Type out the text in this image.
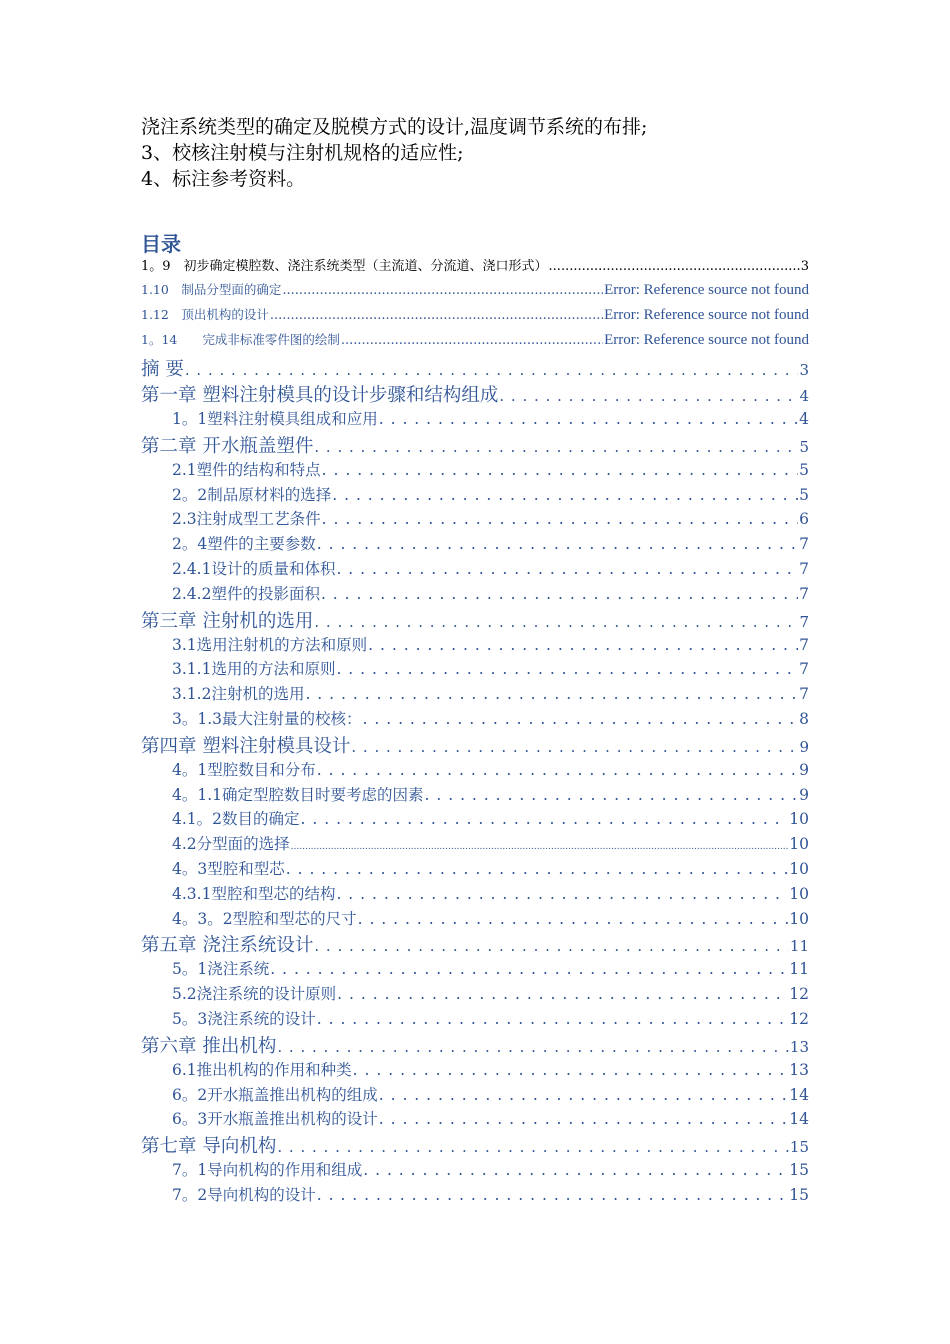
浇注系统类型的确定及脱模方式的设计,温度调节系统的布排;

3、校核注射模与注射机规格的适应性;

4、标注参考资料。

目录
1。9　初步确定模腔数、浇注系统类型（主流道、分流道、浇口形式） .....	3
1.10　制品分型面的确定 .....	Error: Reference source not found
1.12　顶出机构的设计 .....	Error: Reference source not found
1。14　　完成非标准零件图的绘制 .....	Error: Reference source not found
摘 要 . . .	3
第一章 塑料注射模具的设计步骤和结构组成 . . .	4
1。1塑料注射模具组成和应用 . . .	4
第二章 开水瓶盖塑件 . . .	5
2.1塑件的结构和特点 . . .	5
2。2制品原材料的选择 . . .	5
2.3注射成型工艺条件 . . .	6
2。4塑件的主要参数 . . .	7
2.4.1设计的质量和体积 . . .	7
2.4.2塑件的投影面积 . . .	7
第三章 注射机的选用 . . .	7
3.1选用注射机的方法和原则 . . .	7
3.1.1选用的方法和原则 . . .	7
3.1.2注射机的选用 . . .	7
3。1.3最大注射量的校核： . . .	8
第四章 塑料注射模具设计 . . .	9
4。1型腔数目和分布 . . .	9
4。1.1确定型腔数目时要考虑的因素 . . .	9
4.1。2数目的确定 . . .	10
4.2分型面的选择 .....	10
4。3型腔和型芯 . . .	10
4.3.1型腔和型芯的结构 . . .	10
4。3。2型腔和型芯的尺寸 . . .	10
第五章 浇注系统设计 . . .	11
5。1浇注系统 . . .	11
5.2浇注系统的设计原则 . . .	12
5。3浇注系统的设计 . . .	12
第六章 推出机构 . . .	13
6.1推出机构的作用和种类 . . .	13
6。2开水瓶盖推出机构的组成 . . .	14
6。3开水瓶盖推出机构的设计 . . .	14
第七章 导向机构 . . .	15
7。1导向机构的作用和组成 . . .	15
7。2导向机构的设计 . . .	15
